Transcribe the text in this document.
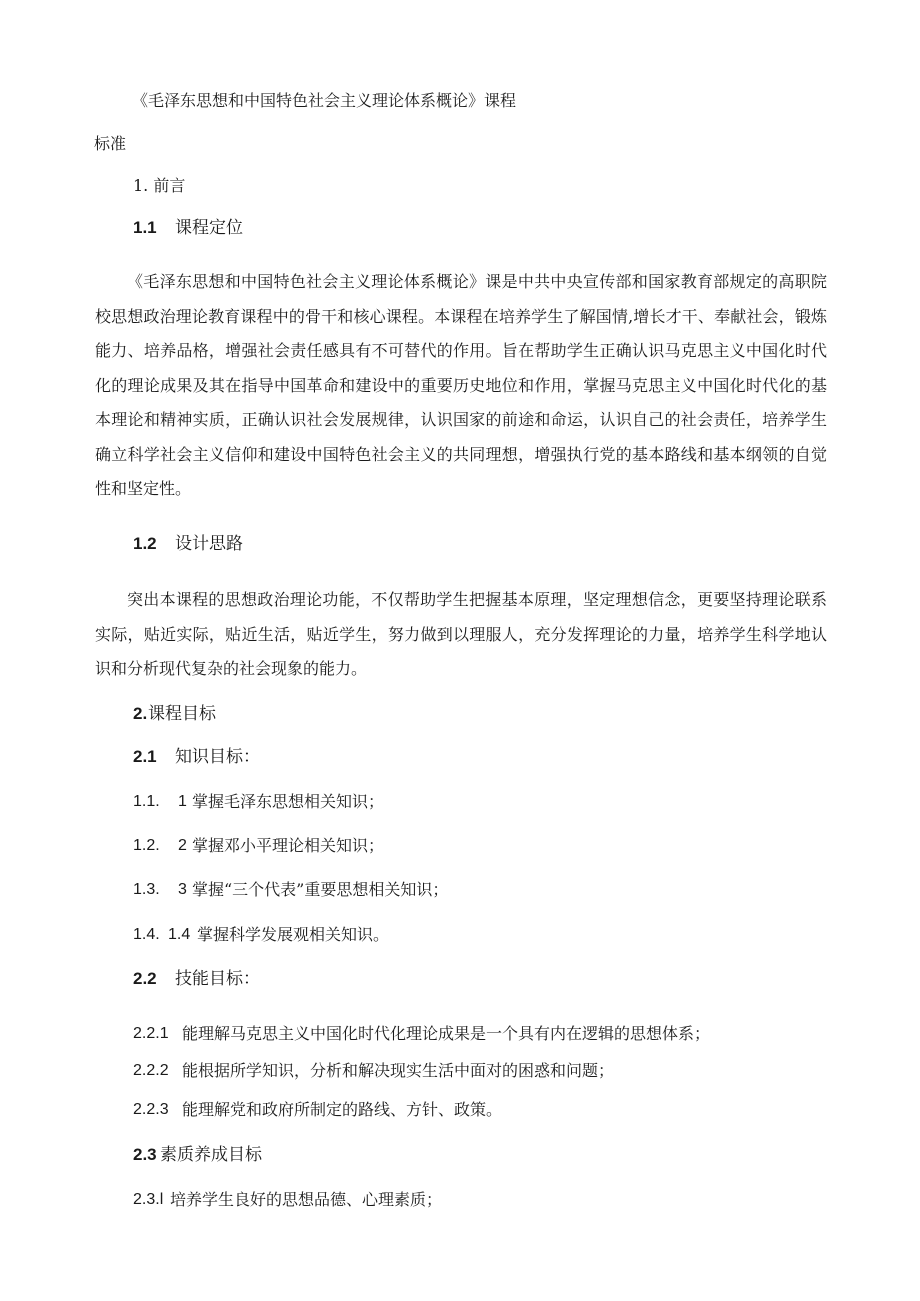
《毛泽东思想和中国特色社会主义理论体系概论》课程
标准
1. 前言
1.1 课程定位

《毛泽东思想和中国特色社会主义理论体系概论》课是中共中央宣传部和国家教育部规定的高职院校思想政治理论教育课程中的骨干和核心课程。本课程在培养学生了解国情,增长才干、奉献社会，锻炼能力、培养品格，增强社会责任感具有不可替代的作用。旨在帮助学生正确认识马克思主义中国化时代化的理论成果及其在指导中国革命和建设中的重要历史地位和作用，掌握马克思主义中国化时代化的基本理论和精神实质，正确认识社会发展规律，认识国家的前途和命运，认识自己的社会责任，培养学生确立科学社会主义信仰和建设中国特色社会主义的共同理想，增强执行党的基本路线和基本纲领的自觉性和坚定性。

1.2 设计思路

突出本课程的思想政治理论功能，不仅帮助学生把握基本原理，坚定理想信念，更要坚持理论联系实际，贴近实际，贴近生活，贴近学生，努力做到以理服人，充分发挥理论的力量，培养学生科学地认识和分析现代复杂的社会现象的能力。

2. 课程目标
2.1 知识目标：
1.1. 1 掌握毛泽东思想相关知识；
1.2. 2 掌握邓小平理论相关知识；
1.3. 3 掌握“三个代表”重要思想相关知识；
1.4. 1.4 掌握科学发展观相关知识。
2.2 技能目标：
2.2.1 能理解马克思主义中国化时代化理论成果是一个具有内在逻辑的思想体系；
2.2.2 能根据所学知识，分析和解决现实生活中面对的困惑和问题；
2.2.3 能理解党和政府所制定的路线、方针、政策。
2.3 素质养成目标
2.3.l 培养学生良好的思想品德、心理素质；
